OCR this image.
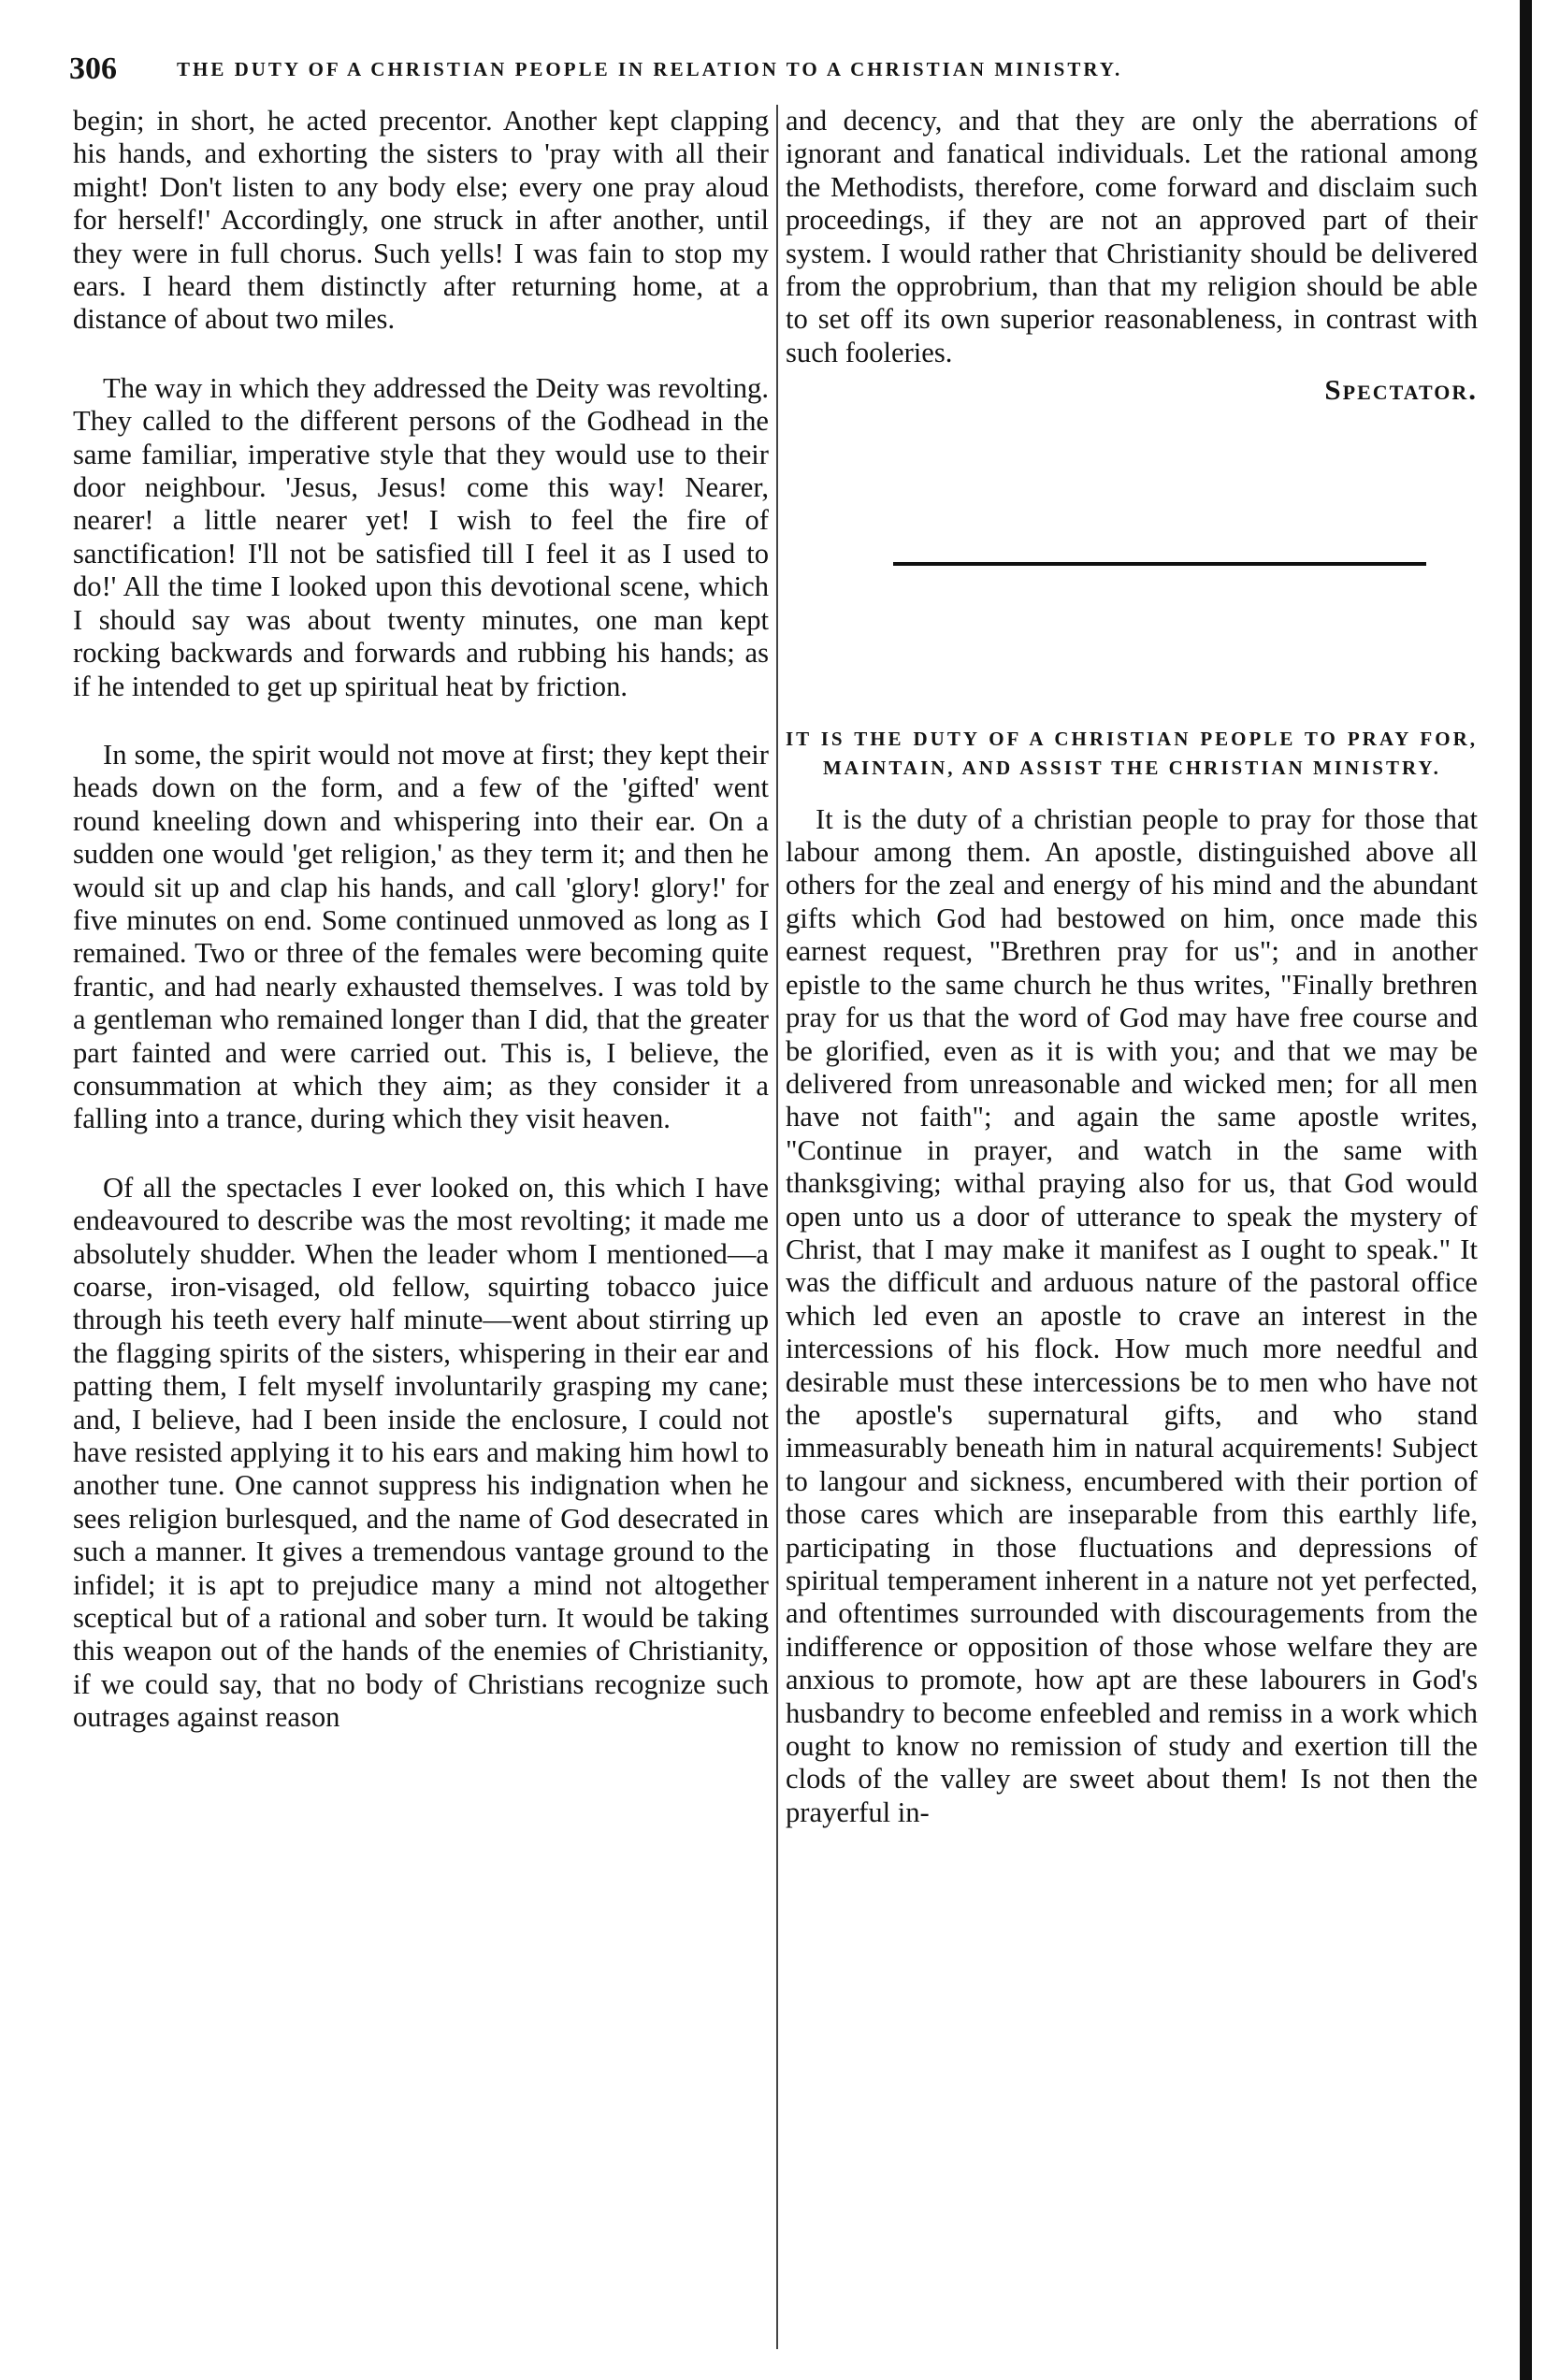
306	THE DUTY OF A CHRISTIAN PEOPLE IN RELATION TO A CHRISTIAN MINISTRY.

begin; in short, he acted precentor. Another kept clapping his hands, and exhorting the sisters to 'pray with all their might! Don't listen to any body else; every one pray aloud for herself!' Accordingly, one struck in after another, until they were in full chorus. Such yells! I was fain to stop my ears. I heard them distinctly after returning home, at a distance of about two miles.

The way in which they addressed the Deity was revolting. They called to the different persons of the Godhead in the same familiar, imperative style that they would use to their door neighbour. 'Jesus, Jesus! come this way! Nearer, nearer! a little nearer yet! I wish to feel the fire of sanctification! I'll not be satisfied till I feel it as I used to do!' All the time I looked upon this devotional scene, which I should say was about twenty minutes, one man kept rocking backwards and forwards and rubbing his hands; as if he intended to get up spiritual heat by friction.

In some, the spirit would not move at first; they kept their heads down on the form, and a few of the 'gifted' went round kneeling down and whispering into their ear. On a sudden one would 'get religion,' as they term it; and then he would sit up and clap his hands, and call 'glory! glory!' for five minutes on end. Some continued unmoved as long as I remained. Two or three of the females were becoming quite frantic, and had nearly exhausted themselves. I was told by a gentleman who remained longer than I did, that the greater part fainted and were carried out. This is, I believe, the consummation at which they aim; as they consider it a falling into a trance, during which they visit heaven.

Of all the spectacles I ever looked on, this which I have endeavoured to describe was the most revolting; it made me absolutely shudder. When the leader whom I mentioned—a coarse, iron-visaged, old fellow, squirting tobacco juice through his teeth every half minute—went about stirring up the flagging spirits of the sisters, whispering in their ear and patting them, I felt myself involuntarily grasping my cane; and, I believe, had I been inside the enclosure, I could not have resisted applying it to his ears and making him howl to another tune. One cannot suppress his indignation when he sees religion burlesqued, and the name of God desecrated in such a manner. It gives a tremendous vantage ground to the infidel; it is apt to prejudice many a mind not altogether sceptical but of a rational and sober turn. It would be taking this weapon out of the hands of the enemies of Christianity, if we could say, that no body of Christians recognize such outrages against reason

and decency, and that they are only the aberrations of ignorant and fanatical individuals. Let the rational among the Methodists, therefore, come forward and disclaim such proceedings, if they are not an approved part of their system. I would rather that Christianity should be delivered from the opprobrium, than that my religion should be able to set off its own superior reasonableness, in contrast with such fooleries.

Spectator.
IT IS THE DUTY OF A CHRISTIAN PEOPLE TO PRAY FOR, MAINTAIN, AND ASSIST THE CHRISTIAN MINISTRY.

It is the duty of a christian people to pray for those that labour among them. An apostle, distinguished above all others for the zeal and energy of his mind and the abundant gifts which God had bestowed on him, once made this earnest request, "Brethren pray for us"; and in another epistle to the same church he thus writes, "Finally brethren pray for us that the word of God may have free course and be glorified, even as it is with you; and that we may be delivered from unreasonable and wicked men; for all men have not faith"; and again the same apostle writes, "Continue in prayer, and watch in the same with thanksgiving; withal praying also for us, that God would open unto us a door of utterance to speak the mystery of Christ, that I may make it manifest as I ought to speak." It was the difficult and arduous nature of the pastoral office which led even an apostle to crave an interest in the intercessions of his flock. How much more needful and desirable must these intercessions be to men who have not the apostle's supernatural gifts, and who stand immeasurably beneath him in natural acquirements! Subject to langour and sickness, encumbered with their portion of those cares which are inseparable from this earthly life, participating in those fluctuations and depressions of spiritual temperament inherent in a nature not yet perfected, and oftentimes surrounded with discouragements from the indifference or opposition of those whose welfare they are anxious to promote, how apt are these labourers in God's husbandry to become enfeebled and remiss in a work which ought to know no remission of study and exertion till the clods of the valley are sweet about them! Is not then the prayerful in-
